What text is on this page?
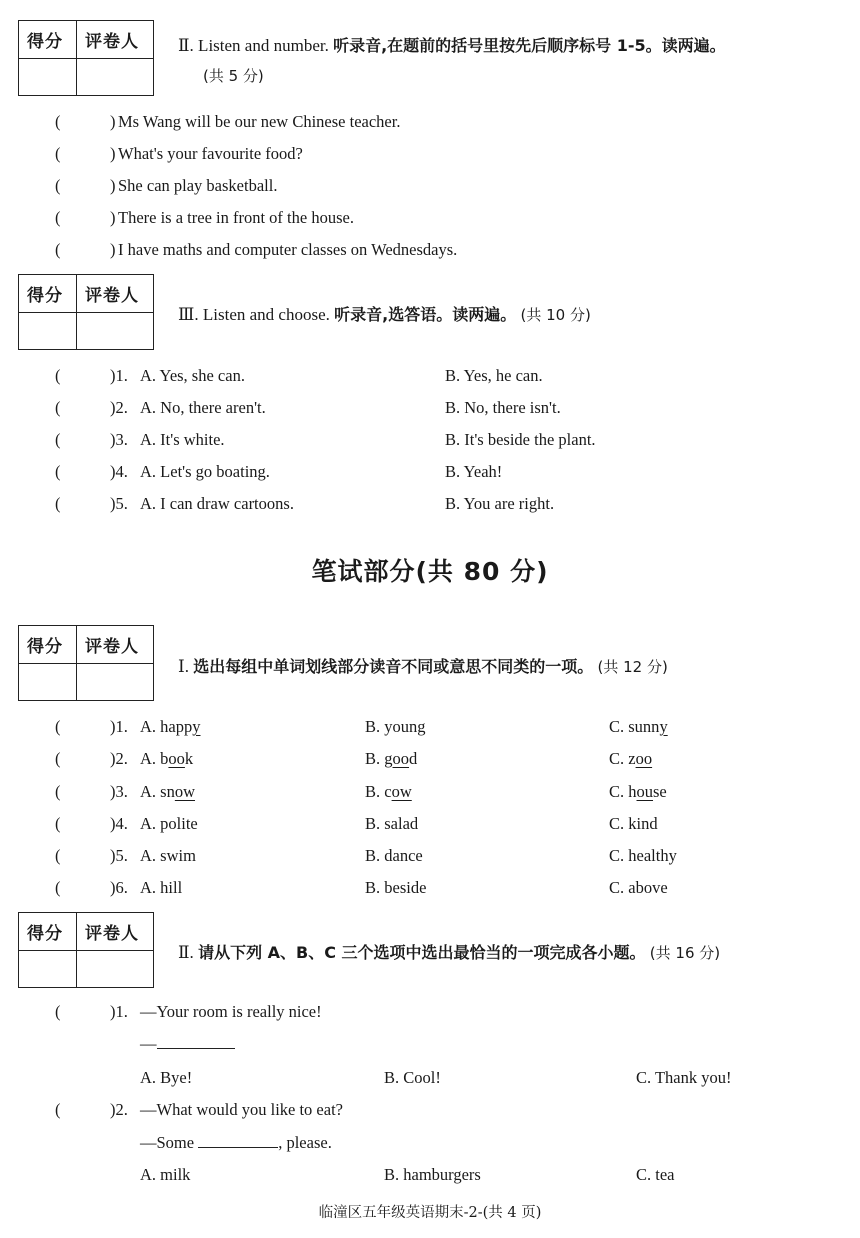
得分 评卷人 Ⅱ. Listen and number. 听录音,在题前的括号里按先后顺序标号 1-5。读两遍。
(共 5 分)
(	) Ms Wang will be our new Chinese teacher.
(	) What's your favourite food?
(	) She can play basketball.
(	) There is a tree in front of the house.
(	) I have maths and computer classes on Wednesdays.
得分 评卷人
Ⅲ. Listen and choose. 听录音,选答语。读两遍。 (共 10 分)
(	)1. A. Yes, she can.	B. Yes, he can.
(	)2. A. No, there aren't.	B. No, there isn't.
(	)3. A. It's white.	B. It's beside the plant.
(	)4. A. Let's go boating.	B. Yeah!
(	)5. A. I can draw cartoons.	B. You are right.
笔试部分(共 80 分)
得分 评卷人
Ⅰ. 选出每组中单词划线部分读音不同或意思不同类的一项。 (共 12 分)
(	)1. A. happy	B. young	C. sunny
(	)2. A. book	B. good	C. zoo
(	)3. A. snow	B. cow	C. house
(	)4. A. polite	B. salad	C. kind
(	)5. A. swim	B. dance	C. healthy
(	)6. A. hill	B. beside	C. above
得分 评卷人
Ⅱ. 请从下列 A、B、C 三个选项中选出最恰当的一项完成各小题。 (共 16 分)
(	)1. —Your room is really nice!
—
A. Bye!	B. Cool!	C. Thank you!
(	)2. —What would you like to eat?
—Some	, please.
A. milk	B. hamburgers	C. tea
临潼区五年级英语期末-2-(共 4 页)
